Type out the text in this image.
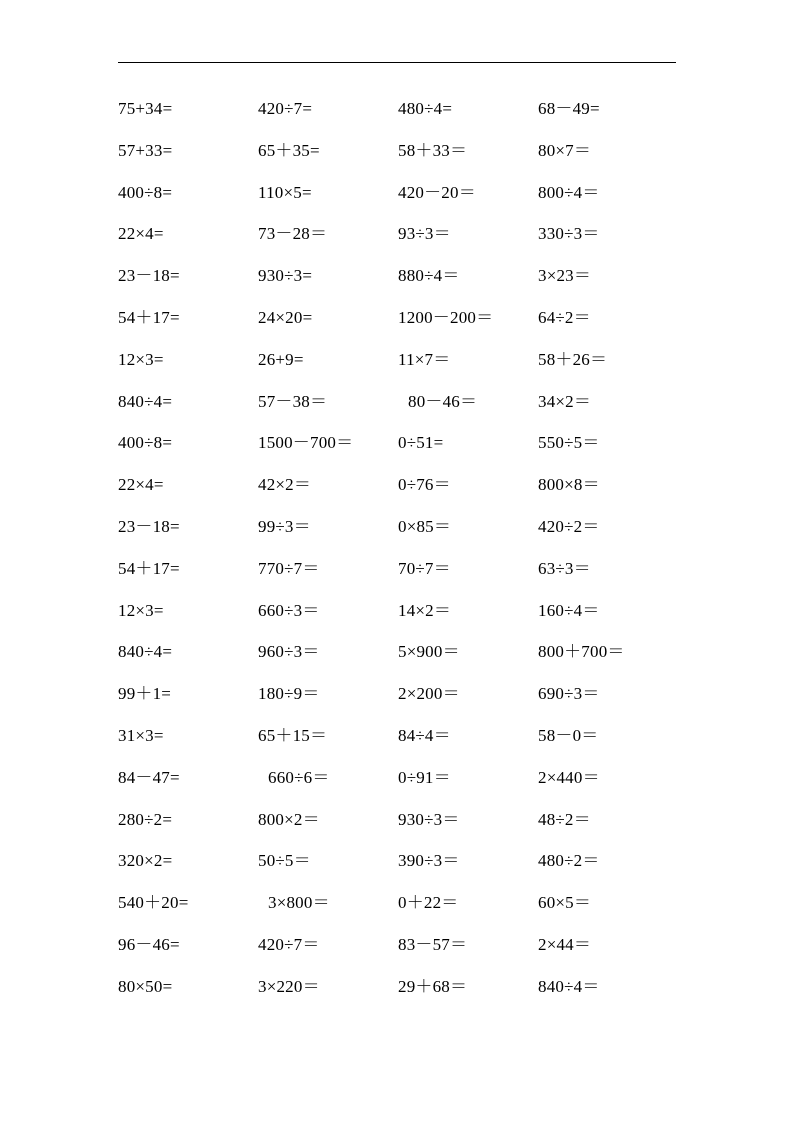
75+34=	420÷7=	480÷4=	68－49=
57+33=	65＋35=	58＋33＝	80×7＝
400÷8=	110×5=	420－20＝	800÷4＝
22×4=	73－28＝	93÷3＝	330÷3＝
23－18=	930÷3=	880÷4＝	3×23＝
54＋17=	24×20=	1200－200＝	64÷2＝
12×3=	26+9=	11×7＝	58＋26＝
840÷4=	57－38＝	80－46＝	34×2＝
400÷8=	1500－700＝	0÷51=	550÷5＝
22×4=	42×2＝	0÷76＝	800×8＝
23－18=	99÷3＝	0×85＝	420÷2＝
54＋17=	770÷7＝	70÷7＝	63÷3＝
12×3=	660÷3＝	14×2＝	160÷4＝
840÷4=	960÷3＝	5×900＝	800＋700＝
99＋1=	180÷9＝	2×200＝	690÷3＝
31×3=	65＋15＝	84÷4＝	58－0＝
84－47=	660÷6＝	0÷91＝	2×440＝
280÷2=	800×2＝	930÷3＝	48÷2＝
320×2=	50÷5＝	390÷3＝	480÷2＝
540＋20=	3×800＝	0＋22＝	60×5＝
96－46=	420÷7＝	83－57＝	2×44＝
80×50=	3×220＝	29＋68＝	840÷4＝
